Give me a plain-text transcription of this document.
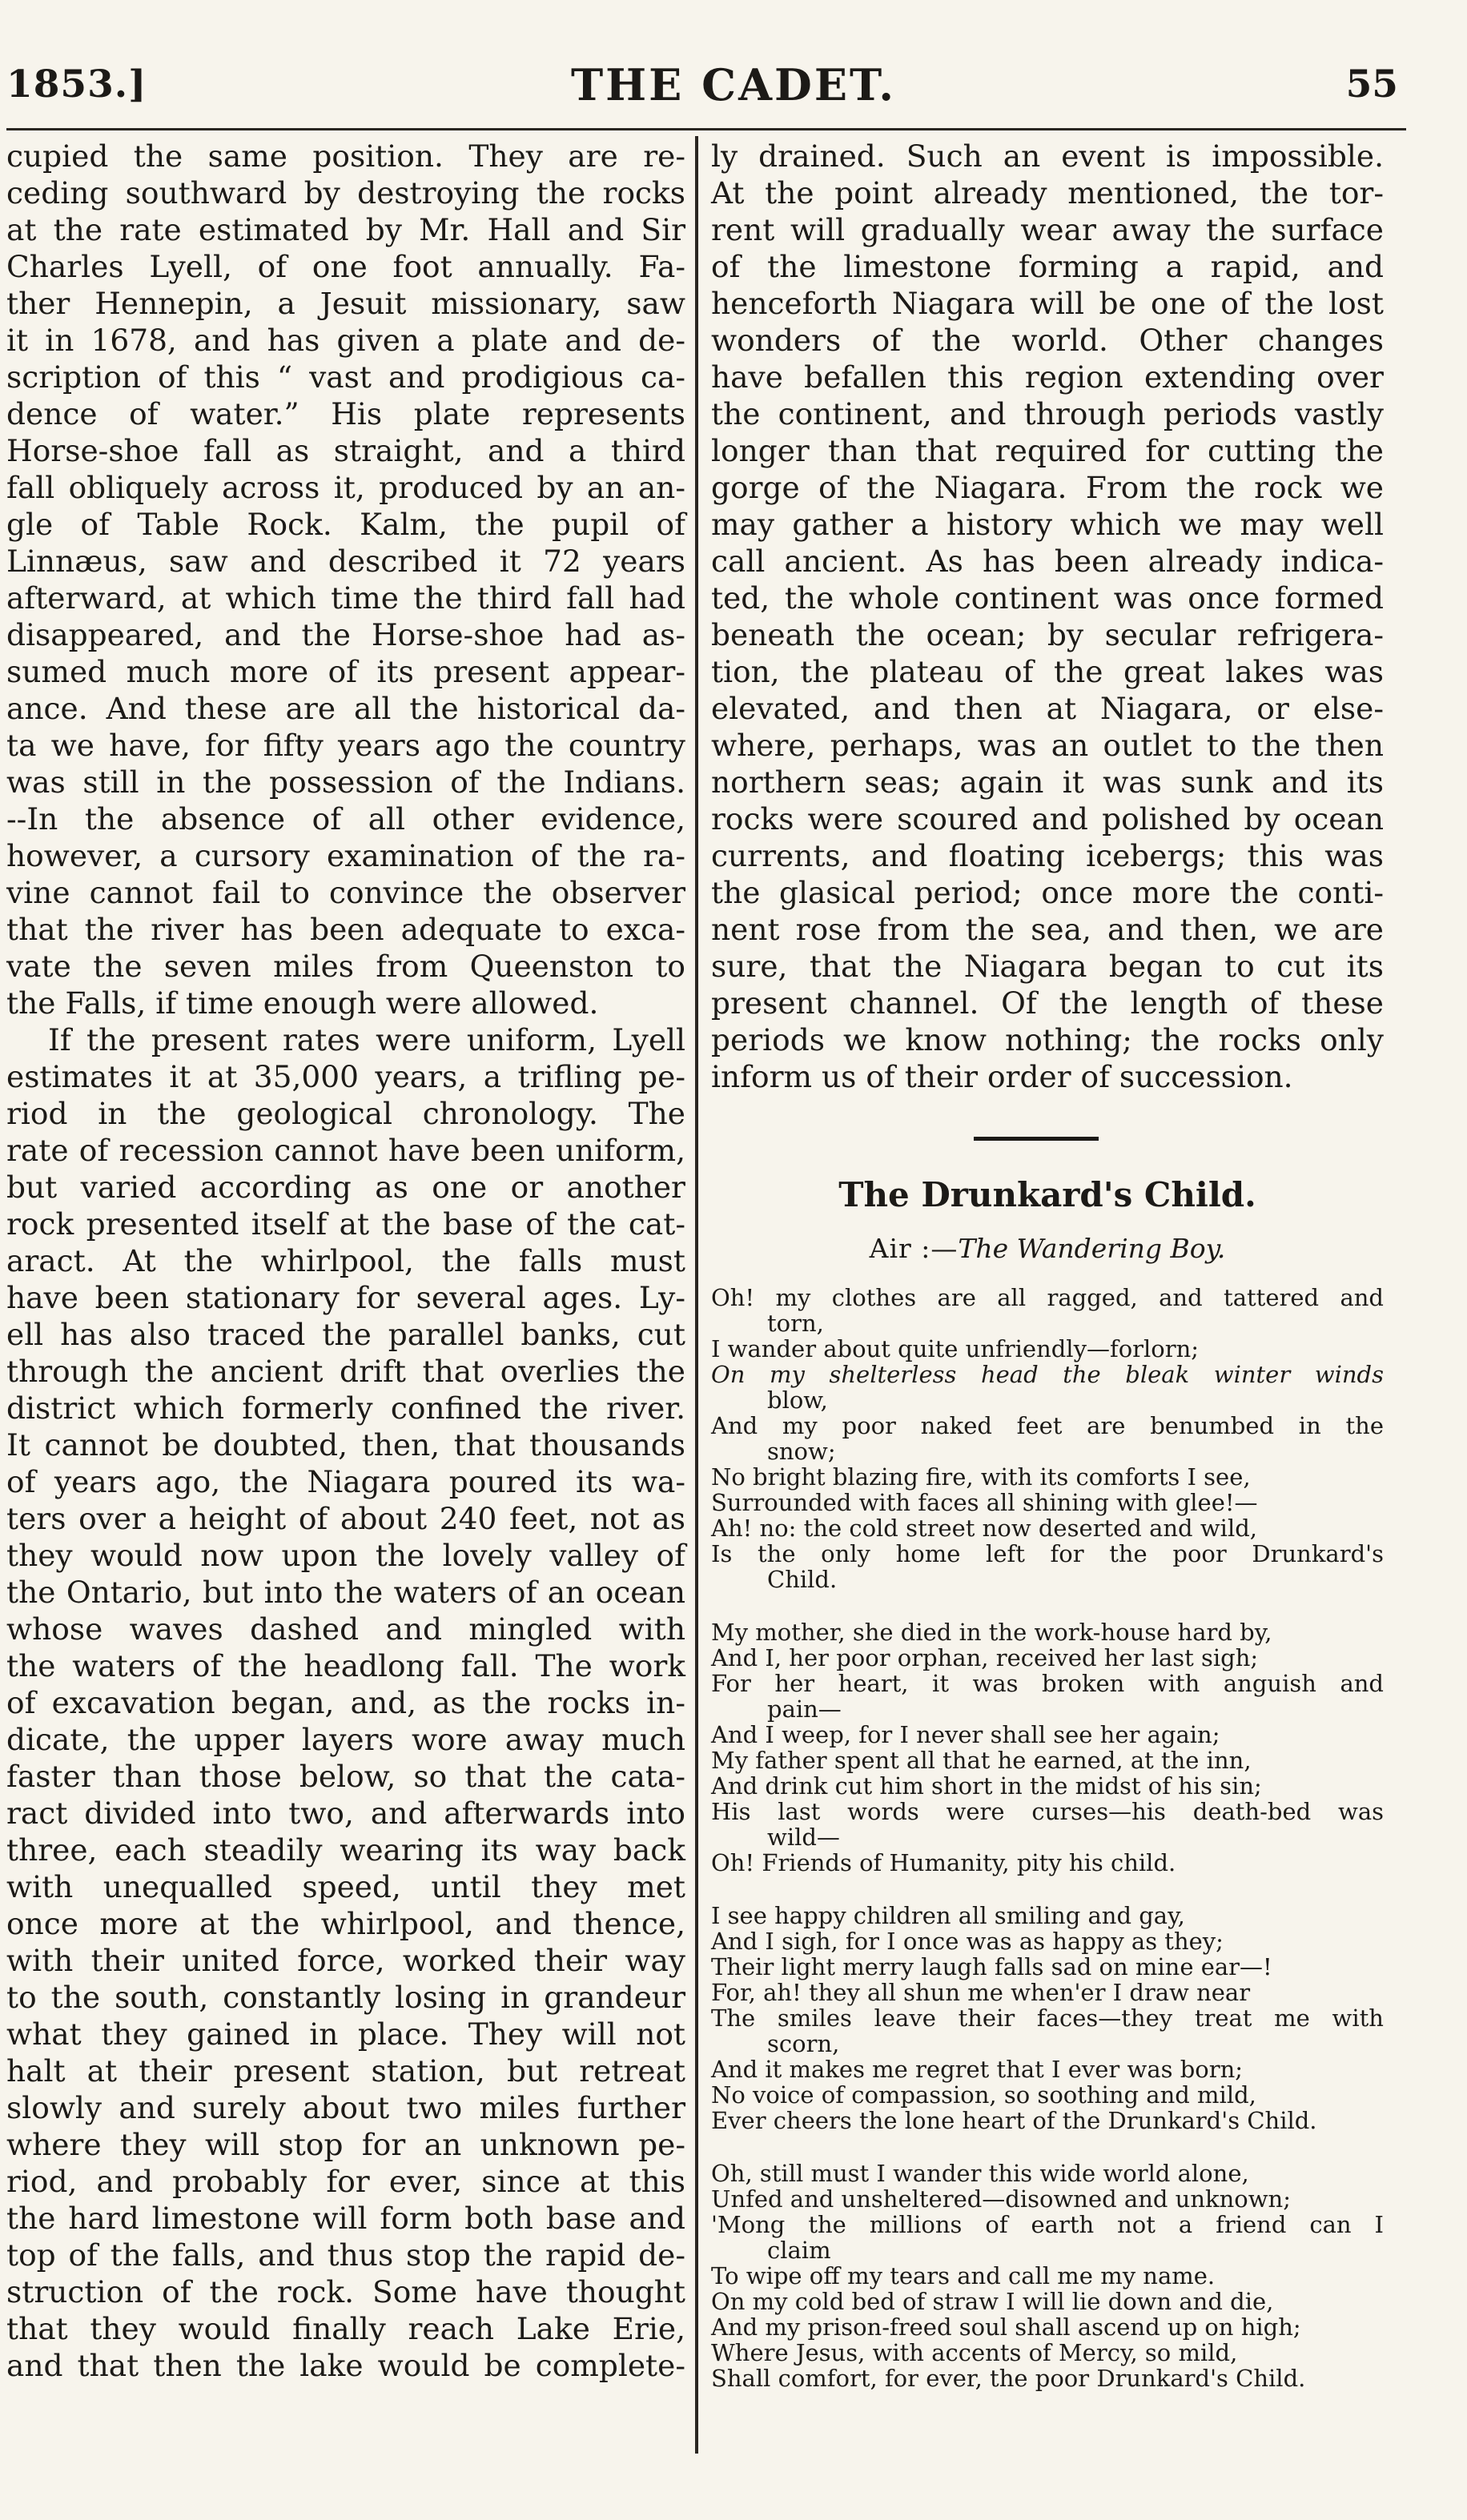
1853.]	THE CADET.	55
cupied the same position. They are re-
ceding southward by destroying the rocks
at the rate estimated by Mr. Hall and Sir
Charles Lyell, of one foot annually. Fa-
ther Hennepin, a Jesuit missionary, saw
it in 1678, and has given a plate and de-
scription of this “ vast and prodigious ca-
dence of water.” His plate represents
Horse-shoe fall as straight, and a third
fall obliquely across it, produced by an an-
gle of Table Rock. Kalm, the pupil of
Linnæus, saw and described it 72 years
afterward, at which time the third fall had
disappeared, and the Horse-shoe had as-
sumed much more of its present appear-
ance. And these are all the historical da-
ta we have, for fifty years ago the country
was still in the possession of the Indians.
--In the absence of all other evidence,
however, a cursory examination of the ra-
vine cannot fail to convince the observer
that the river has been adequate to exca-
vate the seven miles from Queenston to
the Falls, if time enough were allowed.
If the present rates were uniform, Lyell
estimates it at 35,000 years, a trifling pe-
riod in the geological chronology. The
rate of recession cannot have been uniform,
but varied according as one or another
rock presented itself at the base of the cat-
aract. At the whirlpool, the falls must
have been stationary for several ages. Ly-
ell has also traced the parallel banks, cut
through the ancient drift that overlies the
district which formerly confined the river.
It cannot be doubted, then, that thousands
of years ago, the Niagara poured its wa-
ters over a height of about 240 feet, not as
they would now upon the lovely valley of
the Ontario, but into the waters of an ocean
whose waves dashed and mingled with
the waters of the headlong fall. The work
of excavation began, and, as the rocks in-
dicate, the upper layers wore away much
faster than those below, so that the cata-
ract divided into two, and afterwards into
three, each steadily wearing its way back
with unequalled speed, until they met
once more at the whirlpool, and thence,
with their united force, worked their way
to the south, constantly losing in grandeur
what they gained in place. They will not
halt at their present station, but retreat
slowly and surely about two miles further
where they will stop for an unknown pe-
riod, and probably for ever, since at this
the hard limestone will form both base and
top of the falls, and thus stop the rapid de-
struction of the rock. Some have thought
that they would finally reach Lake Erie,
and that then the lake would be complete-
ly drained. Such an event is impossible.
At the point already mentioned, the tor-
rent will gradually wear away the surface
of the limestone forming a rapid, and
henceforth Niagara will be one of the lost
wonders of the world. Other changes
have befallen this region extending over
the continent, and through periods vastly
longer than that required for cutting the
gorge of the Niagara. From the rock we
may gather a history which we may well
call ancient. As has been already indica-
ted, the whole continent was once formed
beneath the ocean; by secular refrigera-
tion, the plateau of the great lakes was
elevated, and then at Niagara, or else-
where, perhaps, was an outlet to the then
northern seas; again it was sunk and its
rocks were scoured and polished by ocean
currents, and floating icebergs; this was
the glasical period; once more the conti-
nent rose from the sea, and then, we are
sure, that the Niagara began to cut its
present channel. Of the length of these
periods we know nothing; the rocks only
inform us of their order of succession.
The Drunkard's Child.
Air :—The Wandering Boy.
Oh! my clothes are all ragged, and tattered and
torn,
I wander about quite unfriendly—forlorn;
On my shelterless head the bleak winter winds
blow,
And my poor naked feet are benumbed in the
snow;
No bright blazing fire, with its comforts I see,
Surrounded with faces all shining with glee!—
Ah! no: the cold street now deserted and wild,
Is the only home left for the poor Drunkard's
Child.
My mother, she died in the work-house hard by,
And I, her poor orphan, received her last sigh;
For her heart, it was broken with anguish and
pain—
And I weep, for I never shall see her again;
My father spent all that he earned, at the inn,
And drink cut him short in the midst of his sin;
His last words were curses—his death-bed was
wild—
Oh! Friends of Humanity, pity his child.
I see happy children all smiling and gay,
And I sigh, for I once was as happy as they;
Their light merry laugh falls sad on mine ear—!
For, ah! they all shun me when'er I draw near
The smiles leave their faces—they treat me with
scorn,
And it makes me regret that I ever was born;
No voice of compassion, so soothing and mild,
Ever cheers the lone heart of the Drunkard's Child.
Oh, still must I wander this wide world alone,
Unfed and unsheltered—disowned and unknown;
'Mong the millions of earth not a friend can I
claim
To wipe off my tears and call me my name.
On my cold bed of straw I will lie down and die,
And my prison-freed soul shall ascend up on high;
Where Jesus, with accents of Mercy, so mild,
Shall comfort, for ever, the poor Drunkard's Child.
